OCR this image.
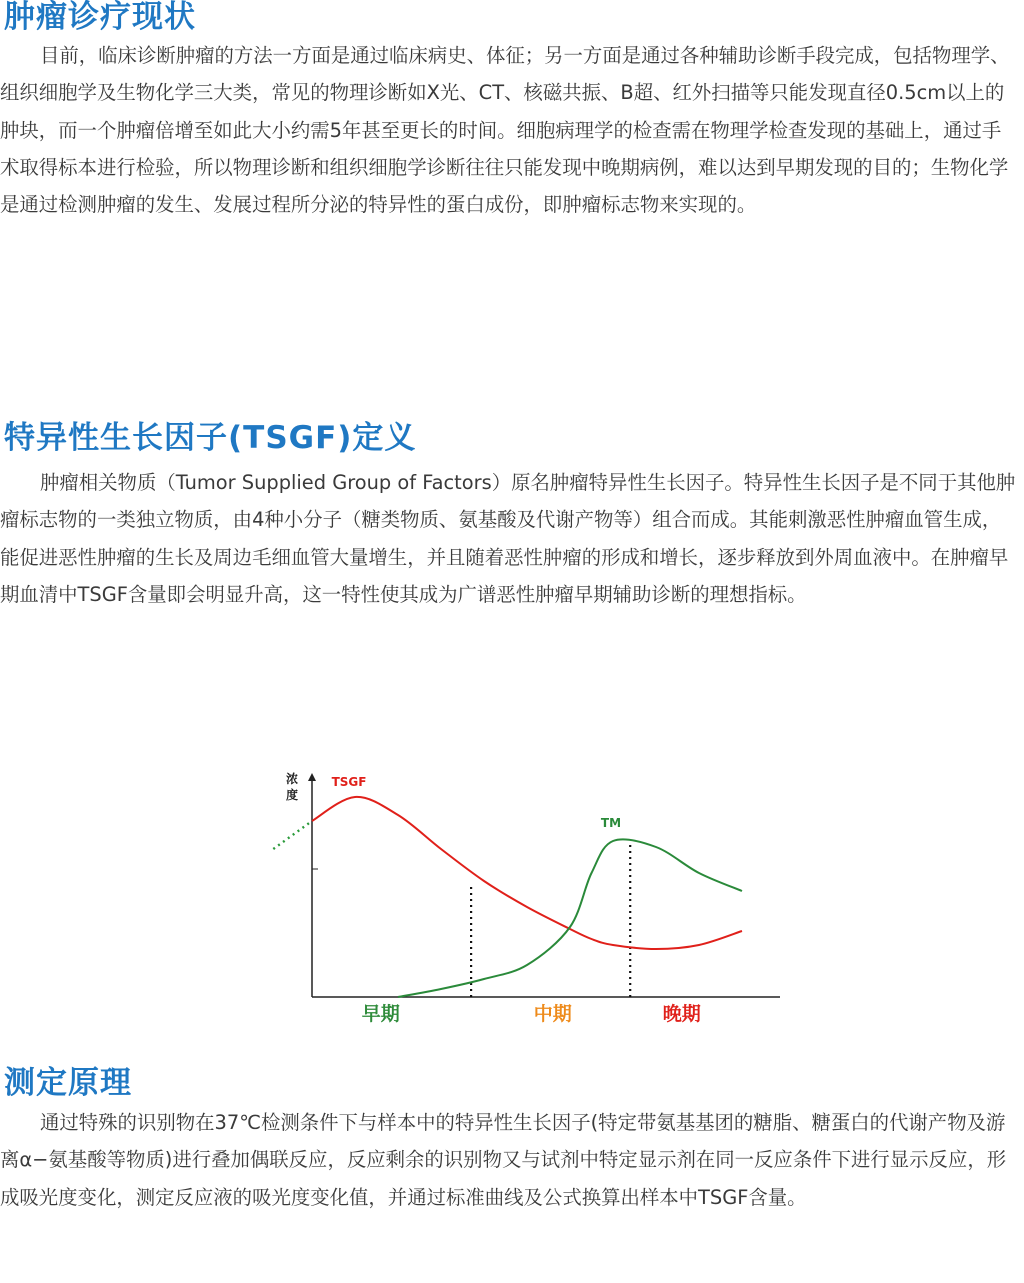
肿瘤诊疗现状

目前，临床诊断肿瘤的方法一方面是通过临床病史、体征；另一方面是通过各种辅助诊断手段完成，包括物理学、组织细胞学及生物化学三大类，常见的物理诊断如X光、CT、核磁共振、B超、红外扫描等只能发现直径0.5cm以上的肿块，而一个肿瘤倍增至如此大小约需5年甚至更长的时间。细胞病理学的检查需在物理学检查发现的基础上，通过手术取得标本进行检验，所以物理诊断和组织细胞学诊断往往只能发现中晚期病例，难以达到早期发现的目的；生物化学是通过检测肿瘤的发生、发展过程所分泌的特异性的蛋白成份，即肿瘤标志物来实现的。

特异性生长因子(TSGF)定义

肿瘤相关物质（Tumor Supplied Group of Factors）原名肿瘤特异性生长因子。特异性生长因子是不同于其他肿瘤标志物的一类独立物质，由4种小分子（糖类物质、氨基酸及代谢产物等）组合而成。其能刺激恶性肿瘤血管生成，能促进恶性肿瘤的生长及周边毛细血管大量增生，并且随着恶性肿瘤的形成和增长，逐步释放到外周血液中。在肿瘤早期血清中TSGF含量即会明显升高，这一特性使其成为广谱恶性肿瘤早期辅助诊断的理想指标。

浓
度
TSGF
TM
早期	中期	晚期
测定原理

通过特殊的识别物在37℃检测条件下与样本中的特异性生长因子(特定带氨基基团的糖脂、糖蛋白的代谢产物及游离α−氨基酸等物质)进行叠加偶联反应，反应剩余的识别物又与试剂中特定显示剂在同一反应条件下进行显示反应，形成吸光度变化，测定反应液的吸光度变化值，并通过标准曲线及公式换算出样本中TSGF含量。
